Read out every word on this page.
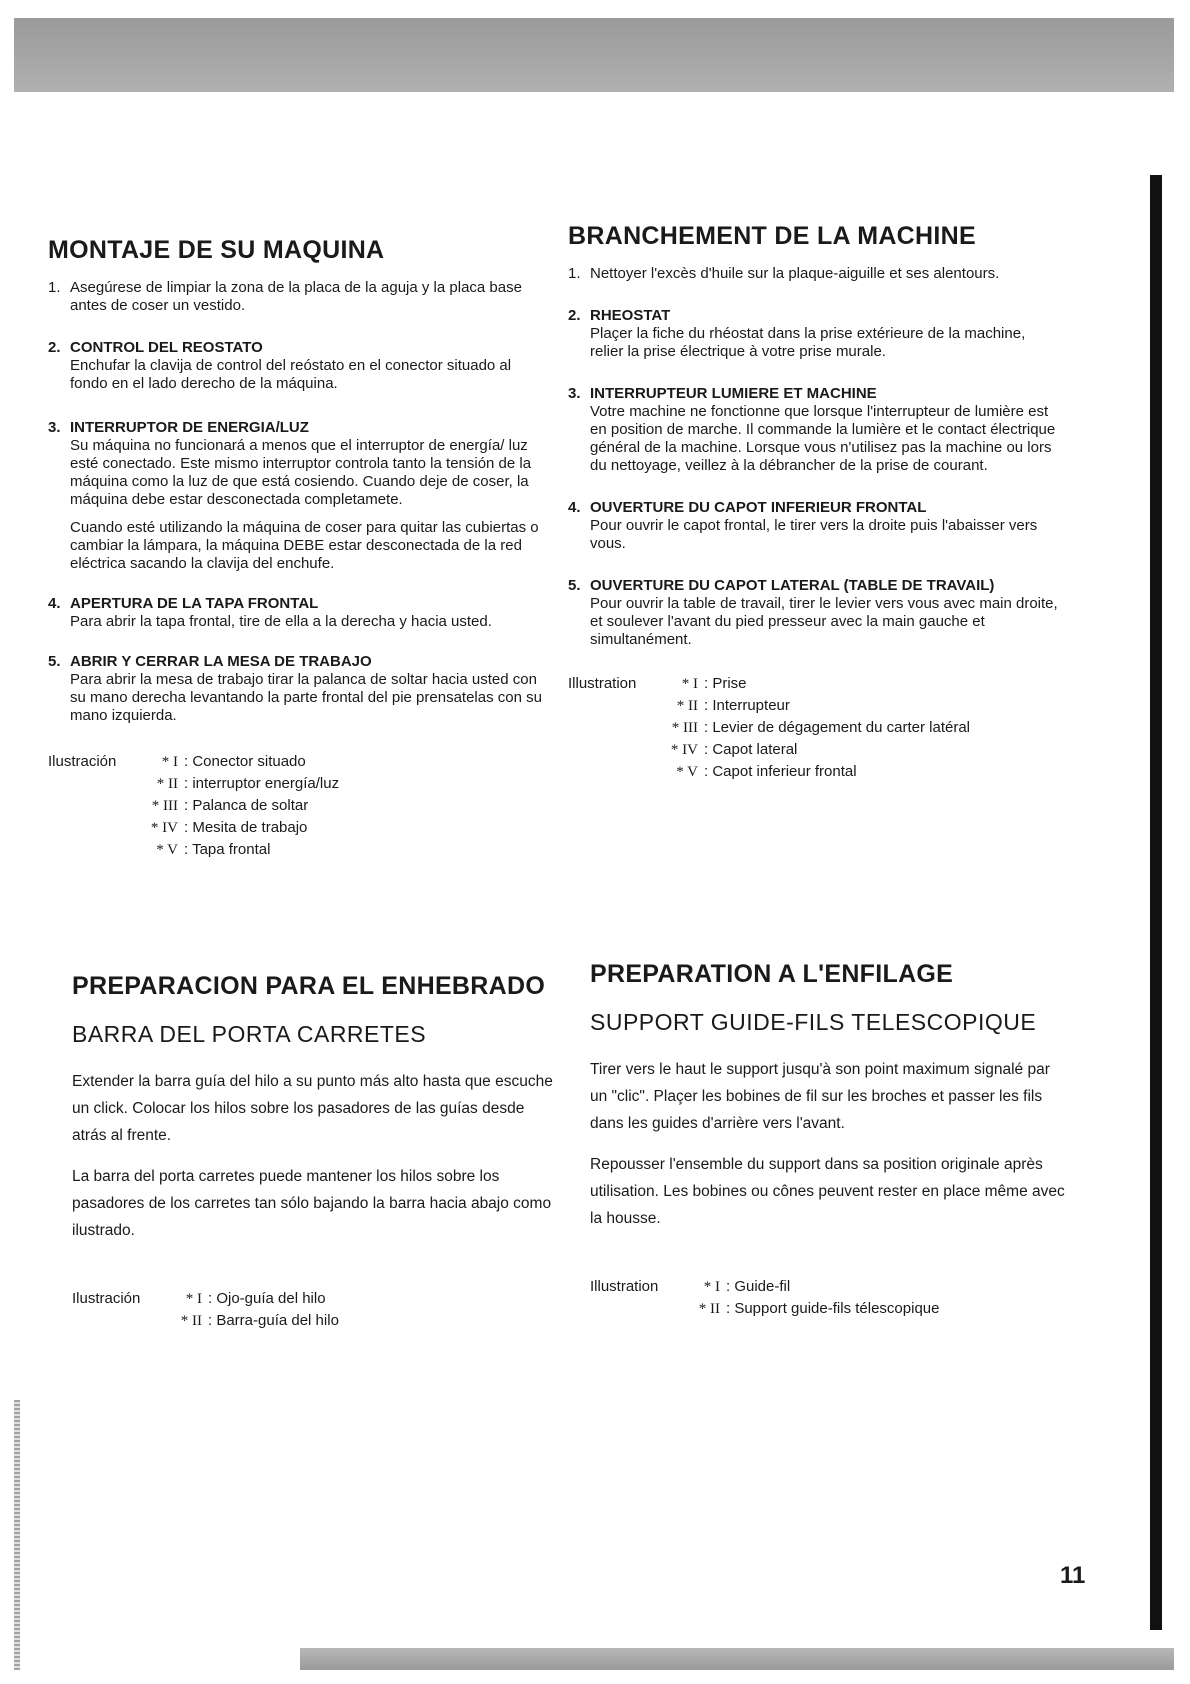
MONTAJE DE SU MAQUINA
1. Asegúrese de limpiar la zona de la placa de la aguja y la placa base antes de coser un vestido.
2. CONTROL DEL REOSTATO
Enchufar la clavija de control del reóstato en el conector situado al fondo en el lado derecho de la máquina.
3. INTERRUPTOR DE ENERGIA/LUZ
Su máquina no funcionará a menos que el interruptor de energía/ luz esté conectado. Este mismo interruptor controla tanto la tensión de la máquina como la luz de que está cosiendo. Cuando deje de coser, la máquina debe estar desconectada completamete.

Cuando esté utilizando la máquina de coser para quitar las cubiertas o cambiar la lámpara, la máquina DEBE estar desconectada de la red eléctrica sacando la clavija del enchufe.

4. APERTURA DE LA TAPA FRONTAL
Para abrir la tapa frontal, tire de ella a la derecha y hacia usted.
5. ABRIR Y CERRAR LA MESA DE TRABAJO
Para abrir la mesa de trabajo tirar la palanca de soltar hacia usted con su mano derecha levantando la parte frontal del pie prensatelas con su mano izquierda.
Ilustración	* I : Conector situado
* II : interruptor energía/luz
* III : Palanca de soltar
* IV : Mesita de trabajo
* V : Tapa frontal
BRANCHEMENT DE LA MACHINE
1. Nettoyer l'excès d'huile sur la plaque-aiguille et ses alentours.
2. RHEOSTAT
Plaçer la fiche du rhéostat dans la prise extérieure de la machine, relier la prise électrique à votre prise murale.
3. INTERRUPTEUR LUMIERE ET MACHINE
Votre machine ne fonctionne que lorsque l'interrupteur de lumière est en position de marche. Il commande la lumière et le contact électrique général de la machine. Lorsque vous n'utilisez pas la machine ou lors du nettoyage, veillez à la débrancher de la prise de courant.
4. OUVERTURE DU CAPOT INFERIEUR FRONTAL
Pour ouvrir le capot frontal, le tirer vers la droite puis l'abaisser vers vous.
5. OUVERTURE DU CAPOT LATERAL (TABLE DE TRAVAIL)
Pour ouvrir la table de travail, tirer le levier vers vous avec main droite, et soulever l'avant du pied presseur avec la main gauche et simultanément.
Illustration	* I : Prise
* II : Interrupteur
* III : Levier de dégagement du carter latéral
* IV : Capot lateral
* V : Capot inferieur frontal
PREPARACION PARA EL ENHEBRADO
BARRA DEL PORTA CARRETES

Extender la barra guía del hilo a su punto más alto hasta que escuche un click. Colocar los hilos sobre los pasadores de las guías desde atrás al frente.

La barra del porta carretes puede mantener los hilos sobre los pasadores de los carretes tan sólo bajando la barra hacia abajo como ilustrado.

Ilustración	* I : Ojo-guía del hilo
* II : Barra-guía del hilo
PREPARATION A L'ENFILAGE
SUPPORT GUIDE-FILS TELESCOPIQUE

Tirer vers le haut le support jusqu'à son point maximum signalé par un "clic". Plaçer les bobines de fil sur les broches et passer les fils dans les guides d'arrière vers l'avant.

Repousser l'ensemble du support dans sa position originale après utilisation. Les bobines ou cônes peuvent rester en place même avec la housse.

Illustration	* I : Guide-fil
* II : Support guide-fils télescopique
11
